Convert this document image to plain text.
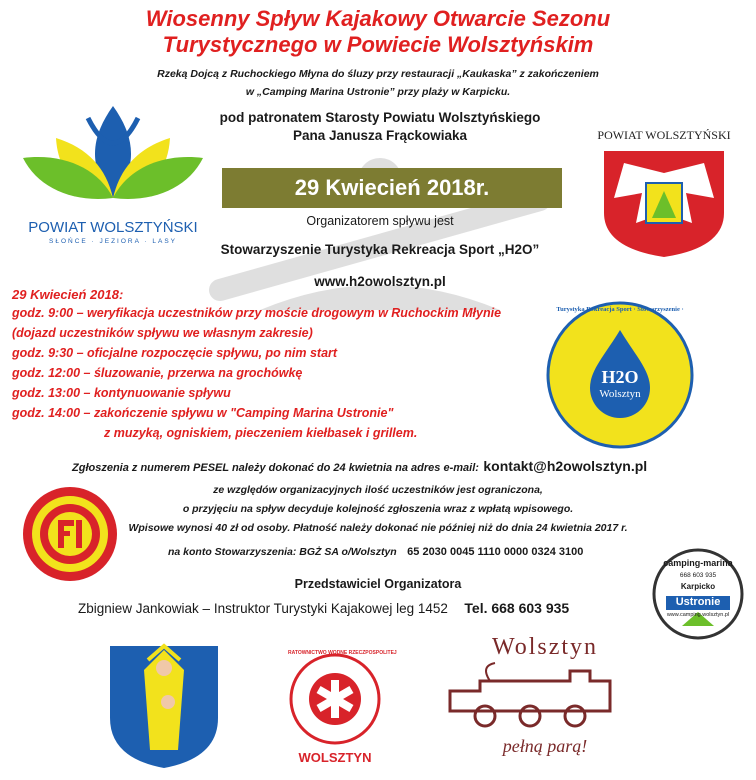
Wiosenny Spływ Kajakowy Otwarcie Sezonu
Turystycznego w Powiecie Wolsztyńskim
Rzeką Dojcą z Ruchockiego Młyna do śluzy przy restauracji „Kaukaska” z zakończeniem
w „Camping Marina Ustronie” przy plaży w Karpicku.
pod patronatem Starosty Powiatu Wolsztyńskiego
Pana Janusza Frąckowiaka
29 Kwiecień 2018r.
Organizatorem spływu jest
Stowarzyszenie Turystyka Rekreacja Sport „H2O”
www.h2owolsztyn.pl
POWIAT WOLSZTYŃSKI
SŁOŃCE · JEZIORA · LASY
POWIAT WOLSZTYŃSKI
29 Kwiecień 2018:
godz. 9:00 – weryfikacja uczestników przy moście drogowym w Ruchockim Młynie
(dojazd uczestników spływu we własnym zakresie)
godz. 9:30 – oficjalne rozpoczęcie spływu, po nim start
godz. 12:00 – śluzowanie, przerwa na grochówkę
godz. 13:00 – kontynuowanie spływu
godz. 14:00 – zakończenie spływu w "Camping Marina Ustronie"
z muzyką, ogniskiem, pieczeniem kiełbasek i grillem.
H2O
Wolsztyn
Turystyka Rekreacja Sport · Stowarzyszenie ·
Zgłoszenia z numerem PESEL należy dokonać do 24 kwietnia na adres e-mail: kontakt@h2owolsztyn.pl
ze względów organizacyjnych ilość uczestników jest ograniczona,
o przyjęciu na spływ decyduje kolejność zgłoszenia wraz z wpłatą wpisowego.
Wpisowe wynosi 40 zł od osoby. Płatność należy dokonać nie później niż do dnia 24 kwietnia 2017 r.
na konto Stowarzyszenia: BGŻ SA o/Wolsztyn 65 2030 0045 1110 0000 0324 3100
Przedstawiciel Organizatora
Zbigniew Jankowiak – Instruktor Turystyki Kajakowej leg 1452 Tel. 668 603 935
camping-marina
668 603 935
Karpicko
Ustronie
www.camping.wolsztyn.pl
RATOWNICTWO WODNE RZECZPOSPOLITEJ
WOLSZTYN
Wolsztyn
pełną parą!
